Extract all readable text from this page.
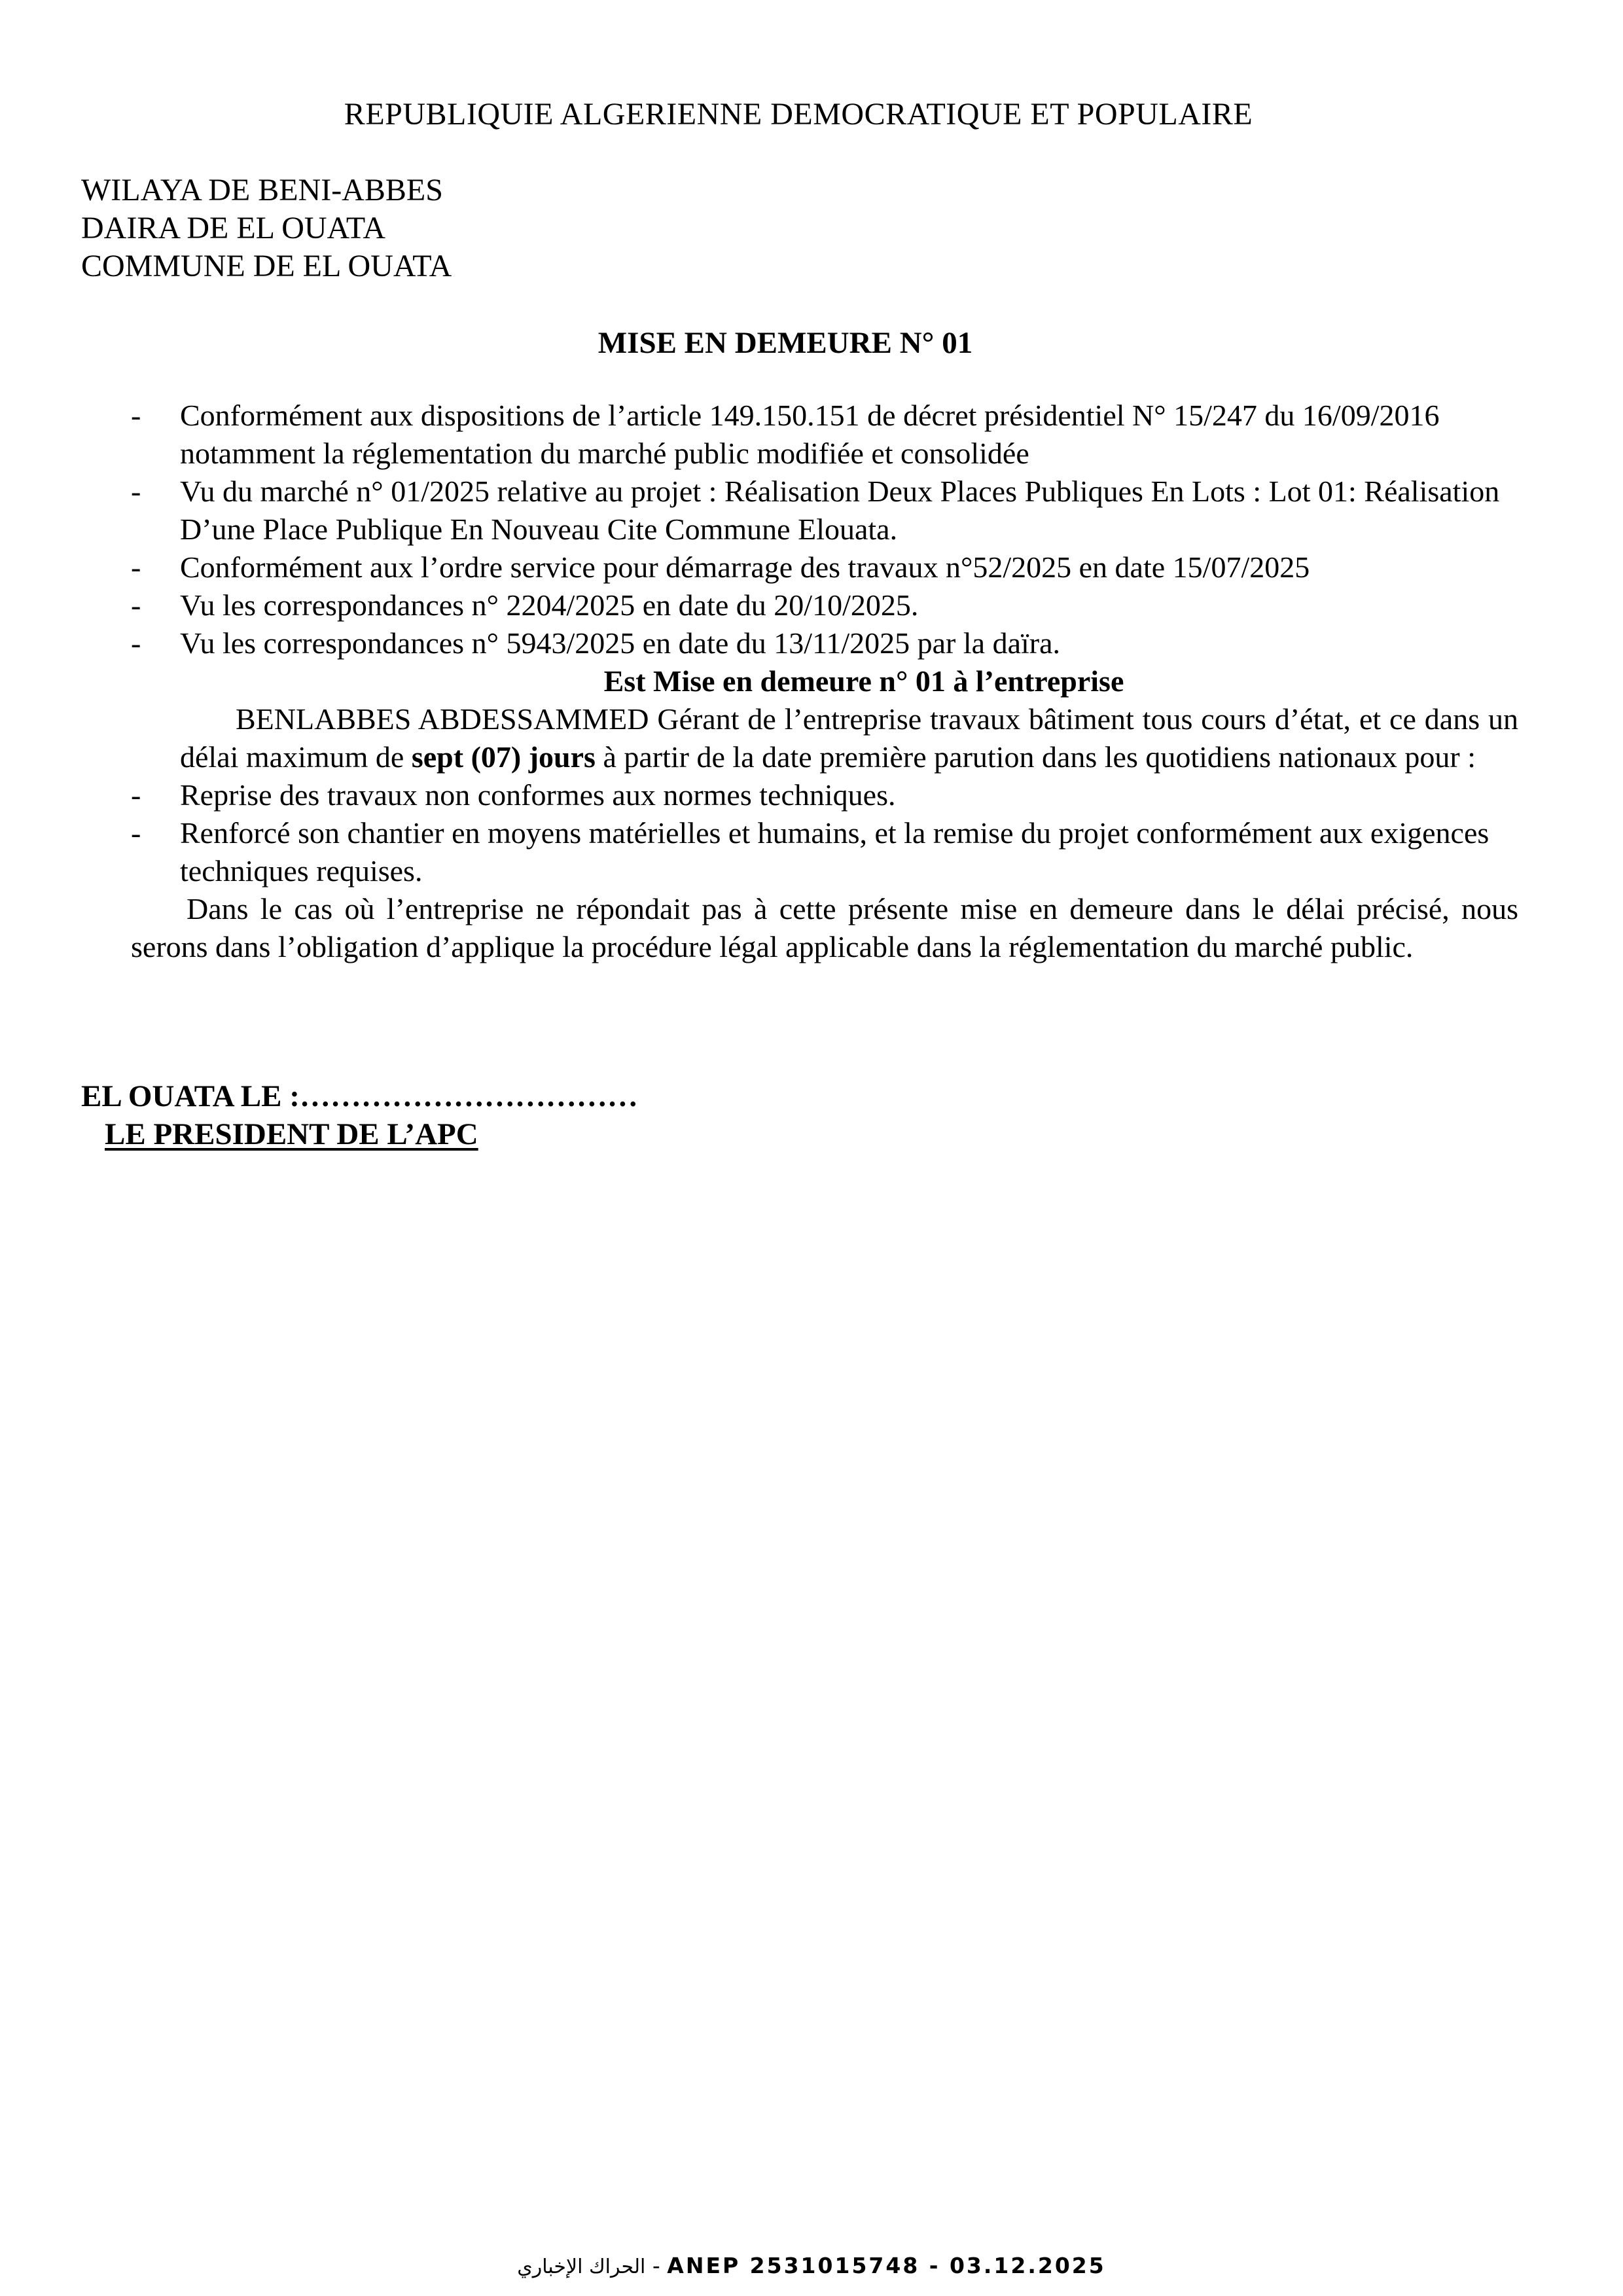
REPUBLIQUIE ALGERIENNE DEMOCRATIQUE ET POPULAIRE
WILAYA DE BENI-ABBES
DAIRA DE EL OUATA
COMMUNE DE EL OUATA
MISE EN DEMEURE N° 01
- Conformément aux dispositions de l’article 149.150.151 de décret présidentiel N° 15/247 du 16/09/2016 notamment la réglementation du marché public modifiée et consolidée
- Vu du marché n° 01/2025 relative au projet : Réalisation Deux Places Publiques En Lots : Lot 01: Réalisation D’une Place Publique En Nouveau Cite Commune Elouata.
- Conformément aux l’ordre service pour démarrage des travaux n°52/2025 en date 15/07/2025
- Vu les correspondances n° 2204/2025 en date du 20/10/2025.
- Vu les correspondances n° 5943/2025 en date du 13/11/2025 par la daïra.
Est Mise en demeure n° 01 à l’entreprise
BENLABBES ABDESSAMMED Gérant de l’entreprise travaux bâtiment tous cours d’état, et ce dans un délai maximum de sept (07) jours à partir de la date première parution dans les quotidiens nationaux pour :
- Reprise des travaux non conformes aux normes techniques.
- Renforcé son chantier en moyens matérielles et humains, et la remise du projet conformément aux exigences techniques requises.
Dans le cas où l’entreprise ne répondait pas à cette présente mise en demeure dans le délai précisé, nous serons dans l’obligation d’applique la procédure légal applicable dans la réglementation du marché public.
EL OUATA LE :……………………………
LE PRESIDENT DE L’APC
الحراك الإخباري - ANEP 2531015748 - 03.12.2025
